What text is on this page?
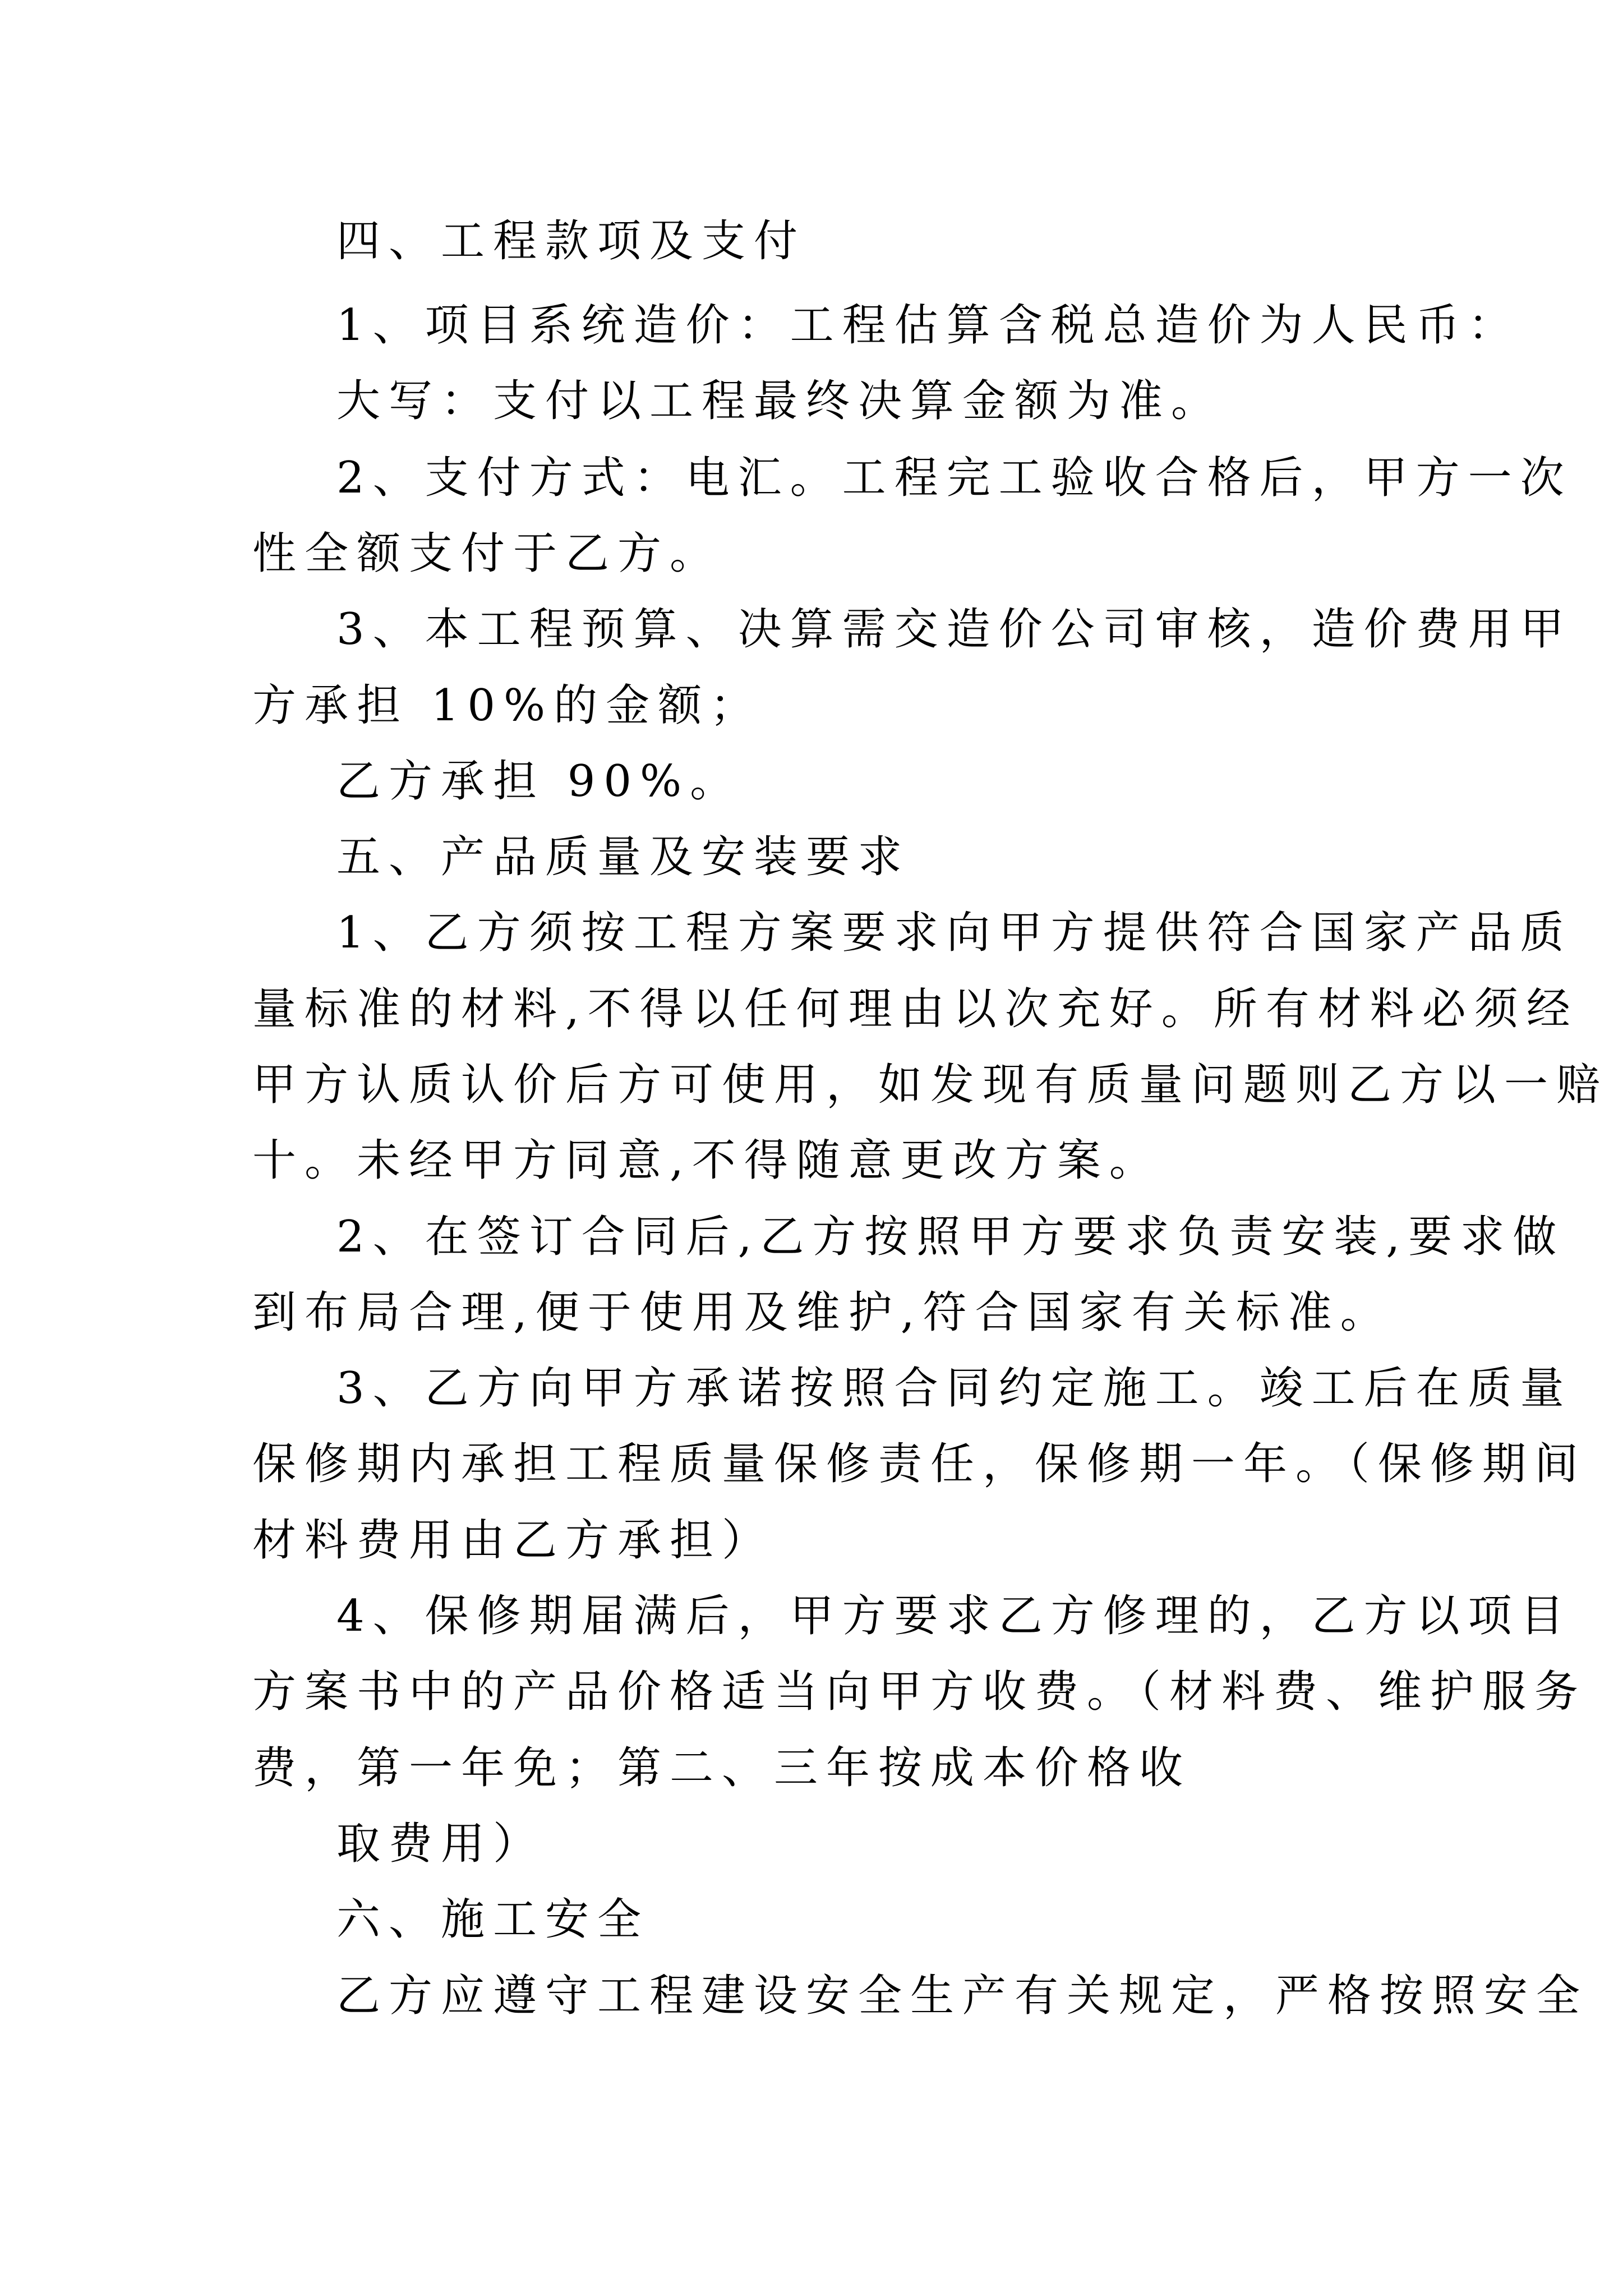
四、工程款项及支付
1、项目系统造价：工程估算含税总造价为人民币：
大写：支付以工程最终决算金额为准。
2、支付方式：电汇。工程完工验收合格后，甲方一次
性全额支付于乙方。
3、本工程预算、决算需交造价公司审核，造价费用甲
方承担 10%的金额；
乙方承担 90%。
五、产品质量及安装要求
1、乙方须按工程方案要求向甲方提供符合国家产品质
量标准的材料,不得以任何理由以次充好。所有材料必须经
甲方认质认价后方可使用，如发现有质量问题则乙方以一赔
十。未经甲方同意,不得随意更改方案。
2、在签订合同后,乙方按照甲方要求负责安装,要求做
到布局合理,便于使用及维护,符合国家有关标准。
3、乙方向甲方承诺按照合同约定施工。竣工后在质量
保修期内承担工程质量保修责任，保修期一年。（保修期间
材料费用由乙方承担）
4、保修期届满后，甲方要求乙方修理的，乙方以项目
方案书中的产品价格适当向甲方收费。（材料费、维护服务
费，第一年免；第二、三年按成本价格收
取费用）
六、施工安全
乙方应遵守工程建设安全生产有关规定，严格按照安全
